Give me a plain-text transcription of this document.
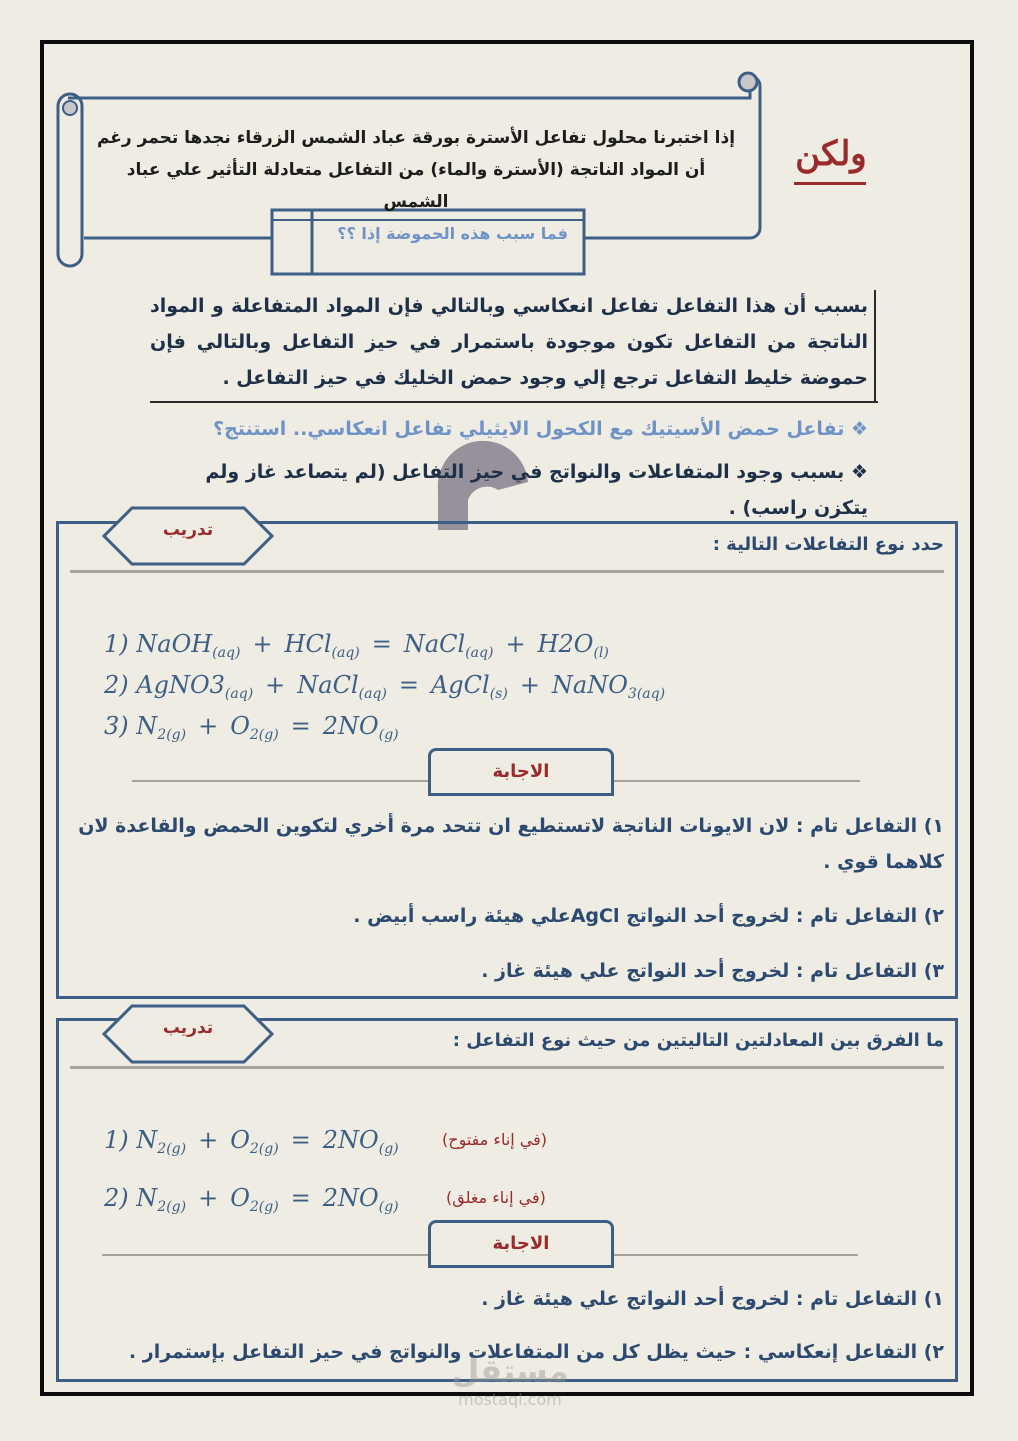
إذا اختبرنا محلول تفاعل الأسترة بورقة عباد الشمس الزرقاء نجدها تحمر رغم أن المواد الناتجة (الأسترة والماء) من التفاعل متعادلة التأثير علي عباد الشمس
فما سبب هذه الحموضة إذا ؟؟
ولكن
بسبب أن هذا التفاعل تفاعل انعكاسي وبالتالي فإن المواد المتفاعلة و المواد الناتجة من التفاعل تكون موجودة باستمرار في حيز التفاعل وبالتالي فإن حموضة خليط التفاعل ترجع إلي وجود حمض الخليك في حيز التفاعل .
❖ تفاعل حمض الأسيتيك مع الكحول الايثيلي تفاعل انعكاسي.. استنتج؟
❖ بسبب وجود المتفاعلات والنواتج في حيز التفاعل (لم يتصاعد غاز ولم يتكزن راسب) .
تدريب
حدد نوع التفاعلات التالية :
1) NaOH$_{(aq)}$ + HCl$_{(aq)}$ = NaCl$_{(aq)}$ + $H2O_{(l)}$
2) $AgNO3_{(aq)}$ + NaCl$_{(aq)}$ = AgCl$_{(s)}$ + NaNO$_{3(aq)}$
3) $N_{2(g)} + O_{2(g)} = 2NO_{(g)}$
الاجابة
١) التفاعل تام : لان الايونات الناتجة لاتستطيع ان تتحد مرة أخري لتكوين الحمض والقاعدة لان كلاهما قوي .
٢) التفاعل تام : لخروج أحد النواتج AgClعلي هيئة راسب أبيض .
٣) التفاعل تام : لخروج أحد النواتج علي هيئة غاز .
تدريب
ما الفرق بين المعادلتين التاليتين من حيث نوع التفاعل :
1) $N_{2(g)} + O_{2(g)} = 2NO_{(g)}$	(في إناء مفتوح)
2) $N_{2(g)} + O_{2(g)} = 2NO_{(g)}$	(في إناء مغلق)
الاجابة
١) التفاعل تام : لخروج أحد النواتج علي هيئة غاز .
٢) التفاعل إنعكاسي : حيث يظل كل من المتفاعلات والنواتج في حيز التفاعل بإستمرار .
مستقل
mostaql.com
